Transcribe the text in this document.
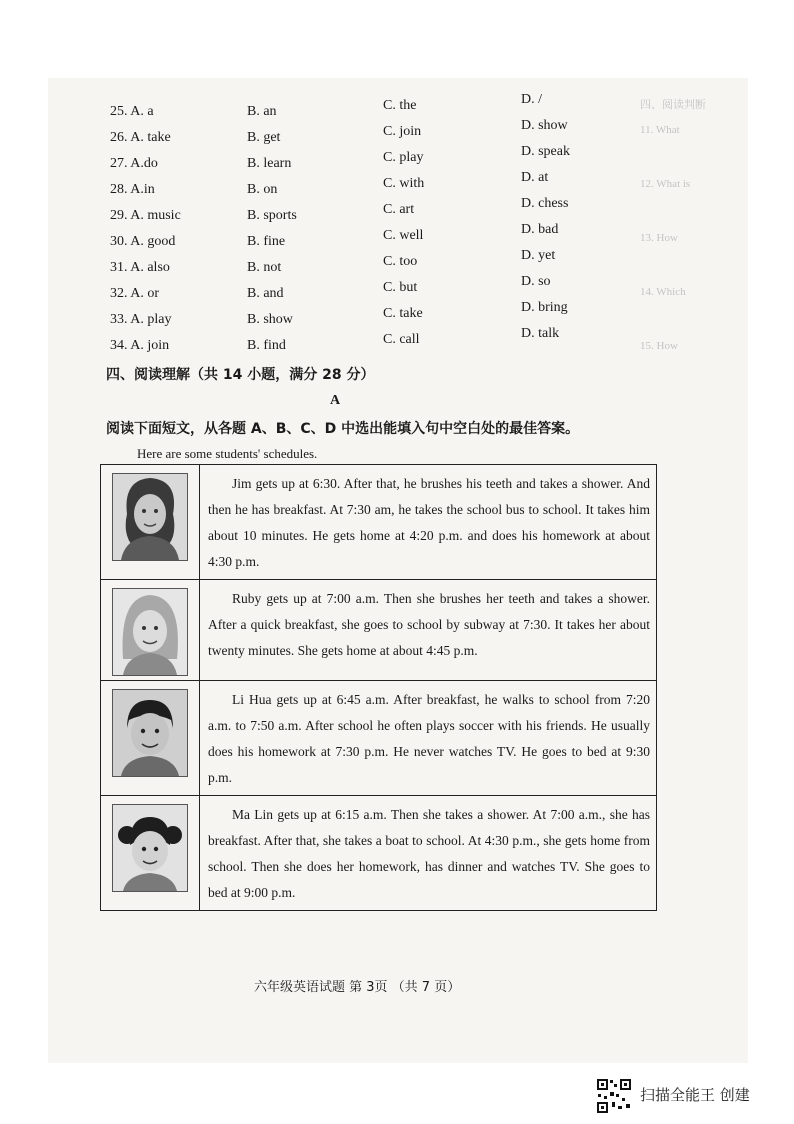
四、阅读判断
11. What
12. What is
13. How
14. Which
15. How
25. A. a	B. an	C. the	D. /
26. A. take	B. get	C. join	D. show
27. A.do	B. learn	C. play	D. speak
28. A.in	B. on	C. with	D. at
29. A. music	B. sports	C. art	D. chess
30. A. good	B. fine	C. well	D. bad
31. A. also	B. not	C. too	D. yet
32. A. or	B. and	C. but	D. so
33. A. play	B. show	C. take	D. bring
34. A. join	B. find	C. call	D. talk
四、阅读理解（共 14 小题，满分 28 分）
A
阅读下面短文，从各题 A、B、C、D 中选出能填入句中空白处的最佳答案。
Here are some students' schedules.

Jim gets up at 6:30. After that, he brushes his teeth and takes a shower. And then he has breakfast. At 7:30 am, he takes the school bus to school. It takes him about 10 minutes. He gets home at 4:20 p.m. and does his homework at about 4:30 p.m.

Ruby gets up at 7:00 a.m. Then she brushes her teeth and takes a shower. After a quick breakfast, she goes to school by subway at 7:30. It takes her about twenty minutes. She gets home at about 4:45 p.m.

Li Hua gets up at 6:45 a.m. After breakfast, he walks to school from 7:20 a.m. to 7:50 a.m. After school he often plays soccer with his friends. He usually does his homework at 7:30 p.m. He never watches TV. He goes to bed at 9:30 p.m.

Ma Lin gets up at 6:15 a.m. Then she takes a shower. At 7:00 a.m., she has breakfast. After that, she takes a boat to school. At 4:30 p.m., she gets home from school. Then she does her homework, has dinner and watches TV. She goes to bed at 9:00 p.m.

六年级英语试题 第 3页 （共 7 页）
扫描全能王 创建
